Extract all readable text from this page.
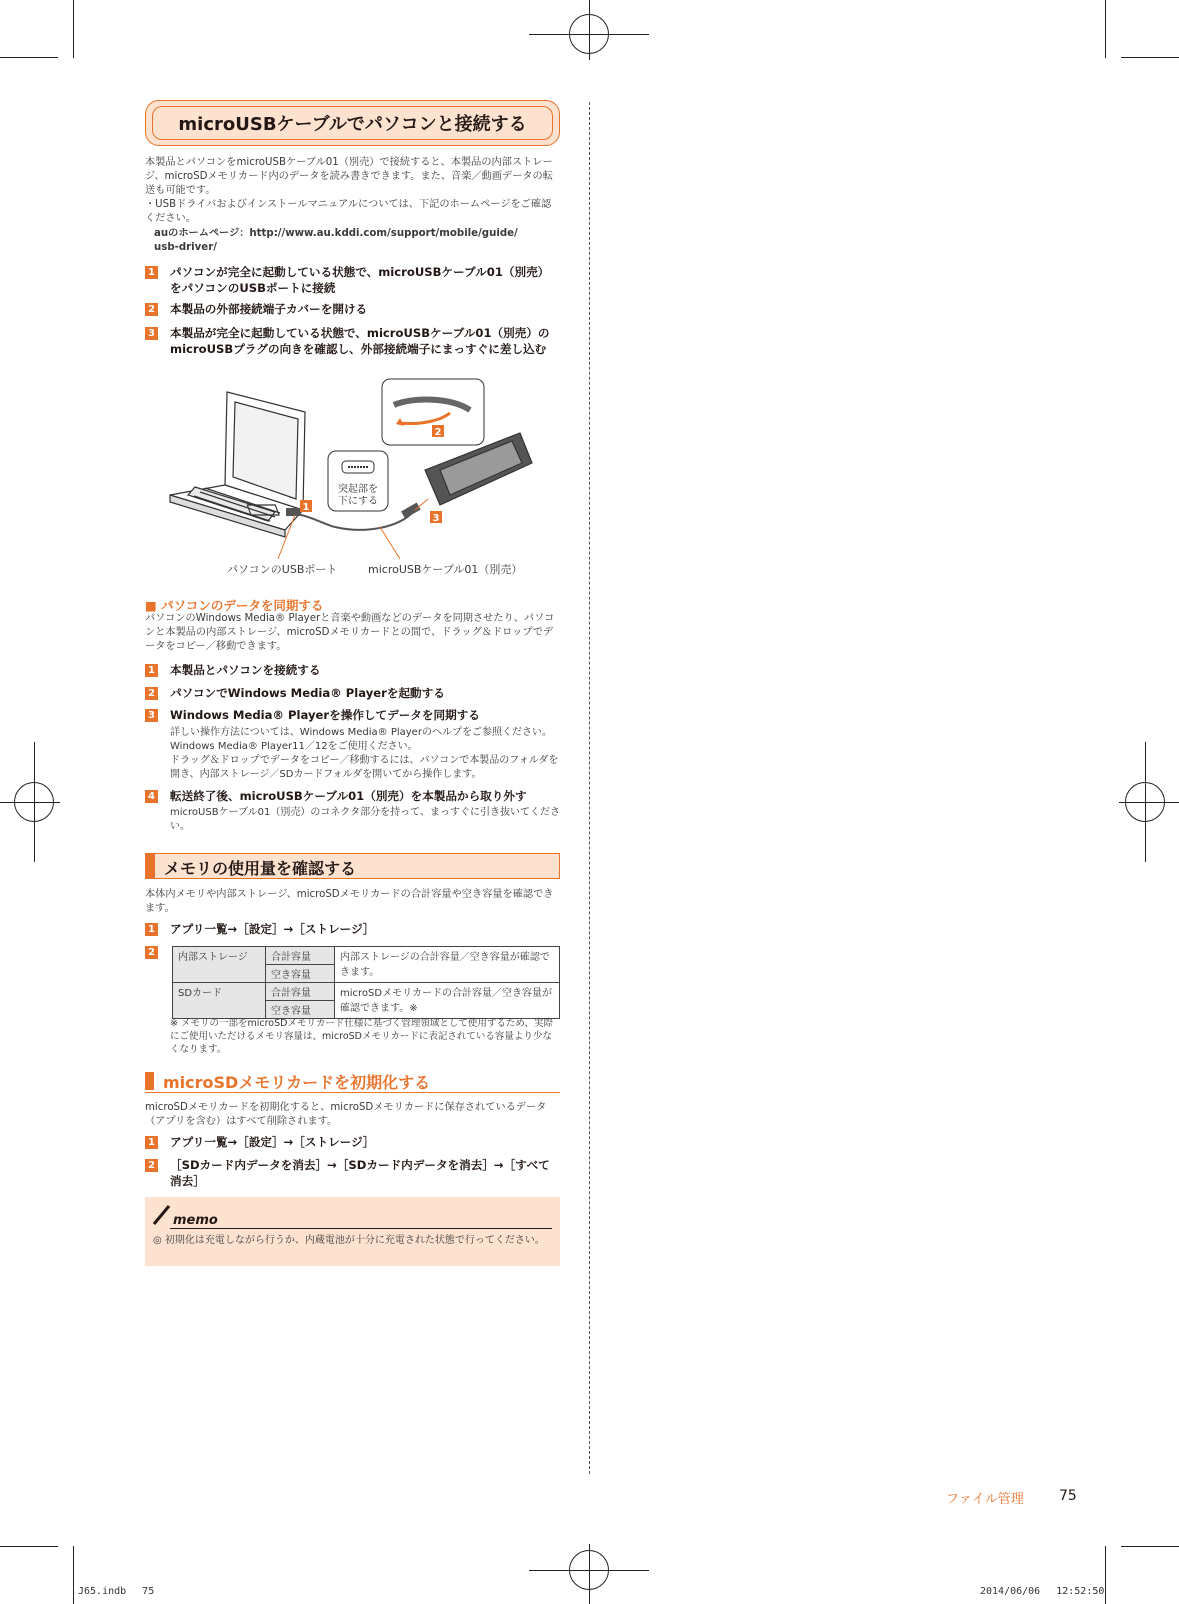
microUSBケーブルでパソコンと接続する
本製品とパソコンをmicroUSBケーブル01（別売）で接続すると、本製品の内部ストレージ、microSDメモリカード内のデータを読み書きできます。また、音楽／動画データの転送も可能です。
・USBドライバおよびインストールマニュアルについては、下記のホームページをご確認ください。
auのホームページ：http://www.au.kddi.com/support/mobile/guide/
usb-driver/
1 パソコンが完全に起動している状態で、microUSBケーブル01（別売）をパソコンのUSBポートに接続
2 本製品の外部接続端子カバーを開ける
3 本製品が完全に起動している状態で、microUSBケーブル01（別売）のmicroUSBプラグの向きを確認し、外部接続端子にまっすぐに差し込む
突起部を
下にする
1
2
3
パソコンのUSBポート	microUSBケーブル01（別売）
■ パソコンのデータを同期する
パソコンのWindows Media® Playerと音楽や動画などのデータを同期させたり、パソコンと本製品の内部ストレージ、microSDメモリカードとの間で、ドラッグ＆ドロップでデータをコピー／移動できます。
1 本製品とパソコンを接続する
2 パソコンでWindows Media® Playerを起動する
3 Windows Media® Playerを操作してデータを同期する
詳しい操作方法については、Windows Media® Playerのヘルプをご参照ください。Windows Media® Player11／12をご使用ください。
ドラッグ＆ドロップでデータをコピー／移動するには、パソコンで本製品のフォルダを開き、内部ストレージ／SDカードフォルダを開いてから操作します。
4 転送終了後、microUSBケーブル01（別売）を本製品から取り外す
microUSBケーブル01（別売）のコネクタ部分を持って、まっすぐに引き抜いてください。
メモリの使用量を確認する
本体内メモリや内部ストレージ、microSDメモリカードの合計容量や空き容量を確認できます。
1 アプリ一覧→［設定］→［ストレージ］
2	内部ストレージ	合計容量	内部ストレージの合計容量／空き容量が確認できます。
	空き容量	
SDカード	合計容量	microSDメモリカードの合計容量／空き容量が確認できます。※
	空き容量	
※ メモリの一部をmicroSDメモリカード仕様に基づく管理領域として使用するため、実際にご使用いただけるメモリ容量は、microSDメモリカードに表記されている容量より少なくなります。
microSDメモリカードを初期化する
microSDメモリカードを初期化すると、microSDメモリカードに保存されているデータ（アプリを含む）はすべて削除されます。
1 アプリ一覧→［設定］→［ストレージ］
2 ［SDカード内データを消去］→［SDカード内データを消去］→［すべて消去］
memo
◎ 初期化は充電しながら行うか、内蔵電池が十分に充電された状態で行ってください。
ファイル管理	75
J65.indb　 75	2014/06/06　 12:52:50
